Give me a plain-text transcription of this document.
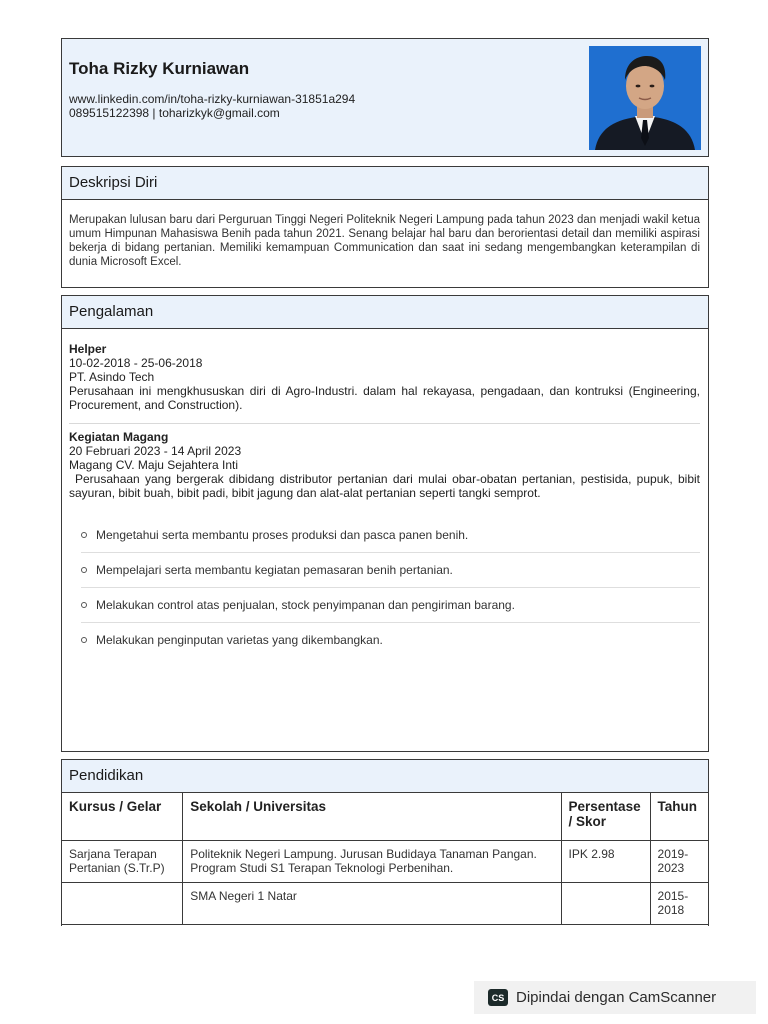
Toha Rizky Kurniawan
www.linkedin.com/in/toha-rizky-kurniawan-31851a294
089515122398 | toharizkyk@gmail.com
Deskripsi Diri
Merupakan lulusan baru dari Perguruan Tinggi Negeri Politeknik Negeri Lampung pada tahun 2023 dan menjadi wakil ketua umum Himpunan Mahasiswa Benih pada tahun 2021. Senang belajar hal baru dan berorientasi detail dan memiliki aspirasi bekerja di bidang pertanian. Memiliki kemampuan Communication dan saat ini sedang mengembangkan keterampilan di dunia Microsoft Excel.
Pengalaman
Helper
10-02-2018 - 25-06-2018
PT. Asindo Tech
Perusahaan ini mengkhususkan diri di Agro-Industri. dalam hal rekayasa, pengadaan, dan kontruksi (Engineering, Procurement, and Construction).
Kegiatan Magang
20 Februari 2023 - 14 April 2023
Magang CV. Maju Sejahtera Inti
Perusahaan yang bergerak dibidang distributor pertanian dari mulai obar-obatan pertanian, pestisida, pupuk, bibit sayuran, bibit buah, bibit padi, bibit jagung dan alat-alat pertanian seperti tangki semprot.
Mengetahui serta membantu proses produksi dan pasca panen benih.
Mempelajari serta membantu kegiatan pemasaran benih pertanian.
Melakukan control atas penjualan, stock penyimpanan dan pengiriman barang.
Melakukan penginputan varietas yang dikembangkan.
Pendidikan
Kursus / Gelar	Sekolah / Universitas	Persentase / Skor	Tahun
Sarjana Terapan Pertanian (S.Tr.P)	Politeknik Negeri Lampung. Jurusan Budidaya Tanaman Pangan. Program Studi S1 Terapan Teknologi Perbenihan.	IPK 2.98	2019-2023
	SMA Negeri 1 Natar		2015-2018
CS Dipindai dengan CamScanner
